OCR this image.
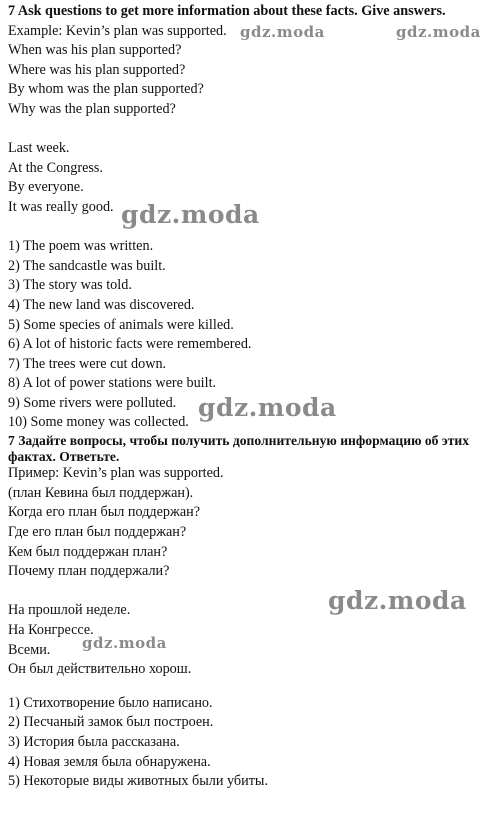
7 Ask questions to get more information about these facts. Give answers.
Example: Kevin’s plan was supported.
When was his plan supported?
Where was his plan supported?
By whom was the plan supported?
Why was the plan supported?
Last week.
At the Congress.
By everyone.
It was really good.
1) The poem was written.
2) The sandcastle was built.
3) The story was told.
4) The new land was discovered.
5) Some species of animals were killed.
6) A lot of historic facts were remembered.
7) The trees were cut down.
8) A lot of power stations were built.
9) Some rivers were polluted.
10) Some money was collected.
7 Задайте вопросы, чтобы получить дополнительную информацию об этих фактах. Ответьте.
Пример: Kevin’s plan was supported.
(план Кевина был поддержан).
Когда его план был поддержан?
Где его план был поддержан?
Кем был поддержан план?
Почему план поддержали?
На прошлой неделе.
На Конгрессе.
Всеми.
Он был действительно хорош.
1) Стихотворение было написано.
2) Песчаный замок был построен.
3) История была рассказана.
4) Новая земля была обнаружена.
5) Некоторые виды животных были убиты.
gdz.moda	gdz.moda
gdz.moda
gdz.moda
gdz.moda
gdz.moda
